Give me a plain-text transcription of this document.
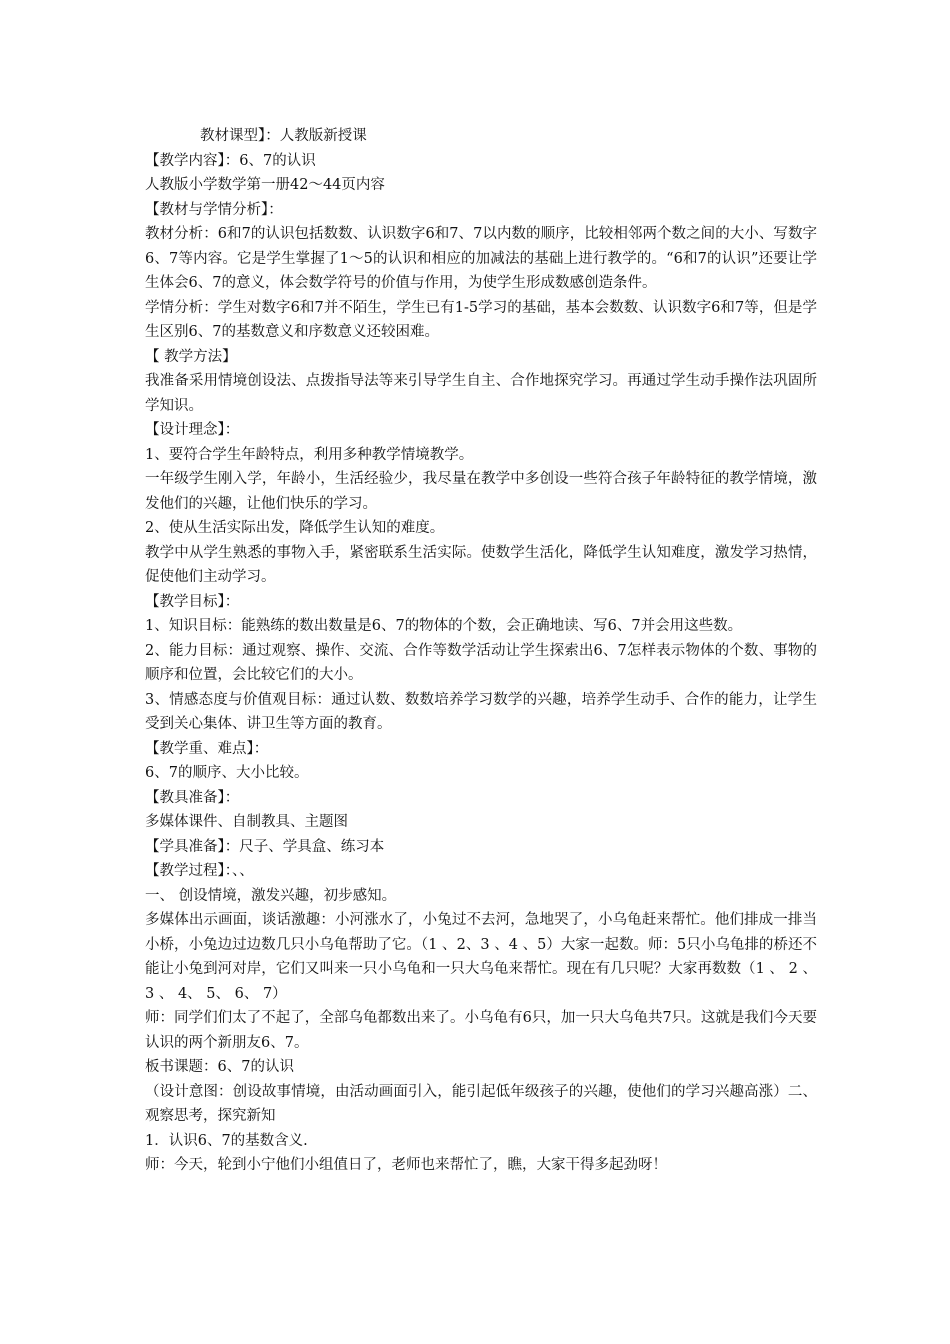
教材课型】：人教版新授课

【教学内容】：6、7的认识

人教版小学数学第一册42～44页内容

【教材与学情分析】：

教材分析：6和7的认识包括数数、认识数字6和7、7以内数的顺序，比较相邻两个数之间的大小、写数字6、7等内容。它是学生掌握了1～5的认识和相应的加减法的基础上进行教学的。“6和7的认识”还要让学生体会6、7的意义，体会数学符号的价值与作用，为使学生形成数感创造条件。

学情分析：学生对数字6和7并不陌生，学生已有1-5学习的基础，基本会数数、认识数字6和7等，但是学生区别6、7的基数意义和序数意义还较困难。

【 教学方法】

我准备采用情境创设法、点拨指导法等来引导学生自主、合作地探究学习。再通过学生动手操作法巩固所学知识。

【设计理念】：

1、要符合学生年龄特点，利用多种教学情境教学。

一年级学生刚入学，年龄小，生活经验少，我尽量在教学中多创设一些符合孩子年龄特征的教学情境，激发他们的兴趣，让他们快乐的学习。

2、使从生活实际出发，降低学生认知的难度。

教学中从学生熟悉的事物入手，紧密联系生活实际。使数学生活化，降低学生认知难度，激发学习热情，促使他们主动学习。

【教学目标】：

1、知识目标：能熟练的数出数量是6、7的物体的个数，会正确地读、写6、7并会用这些数。

2、能力目标：通过观察、操作、交流、合作等数学活动让学生探索出6、7怎样表示物体的个数、事物的顺序和位置，会比较它们的大小。

3、情感态度与价值观目标：通过认数、数数培养学习数学的兴趣，培养学生动手、合作的能力，让学生受到关心集体、讲卫生等方面的教育。

【教学重、难点】：

6、7的顺序、大小比较。

【教具准备】：

多媒体课件、自制教具、主题图

【学具准备】：尺子、学具盒、练习本

【教学过程】：、、

一、 创设情境，激发兴趣，初步感知。

多媒体出示画面，谈话激趣：小河涨水了，小兔过不去河，急地哭了，小乌龟赶来帮忙。他们排成一排当小桥，小兔边过边数几只小乌龟帮助了它。（1 、2、3 、4 、5）大家一起数。师：5只小乌龟排的桥还不能让小兔到河对岸，它们又叫来一只小乌龟和一只大乌龟来帮忙。现在有几只呢？大家再数数（1 、 2 、 3 、 4、 5、 6、 7）

师：同学们们太了不起了，全部乌龟都数出来了。小乌龟有6只，加一只大乌龟共7只。这就是我们今天要认识的两个新朋友6、7。

板书课题：6、7的认识

（设计意图：创设故事情境，由活动画面引入，能引起低年级孩子的兴趣，使他们的学习兴趣高涨）二、观察思考，探究新知

1．认识6、7的基数含义.

师：今天，轮到小宁他们小组值日了，老师也来帮忙了，瞧，大家干得多起劲呀！
